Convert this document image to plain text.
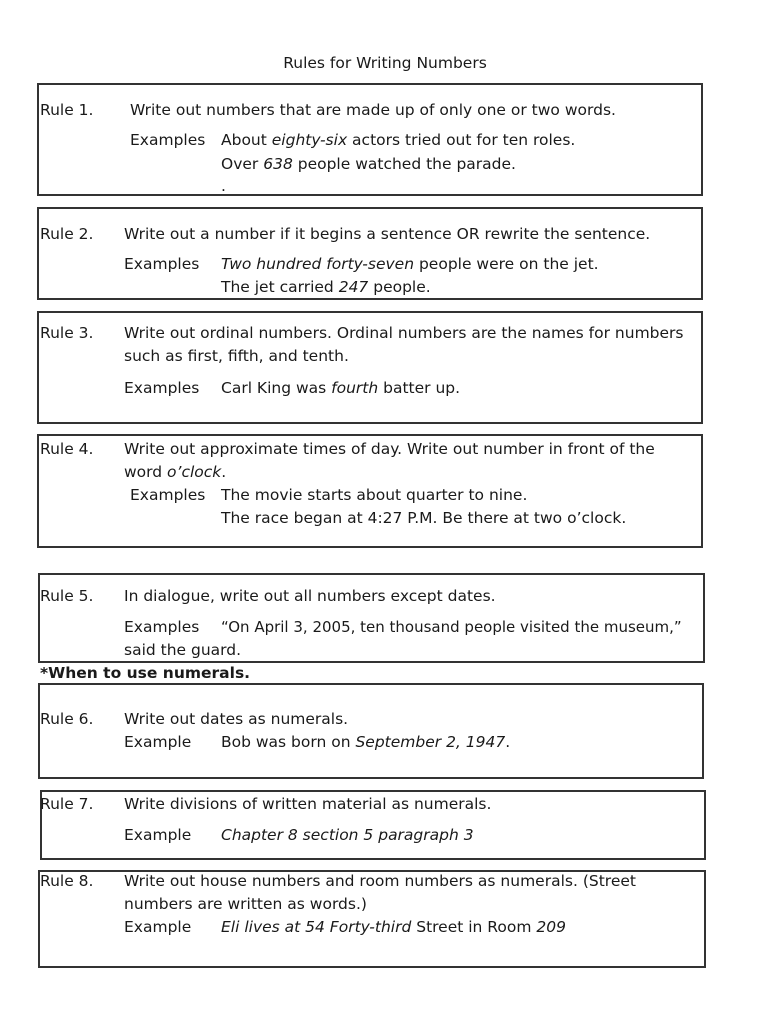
Rules for Writing Numbers
Rule 1. Write out numbers that are made up of only one or two words.
Examples About eighty-six actors tried out for ten roles.
Over 638 people watched the parade.
.
Rule 2. Write out a number if it begins a sentence OR rewrite the sentence.
Examples Two hundred forty-seven people were on the jet.
The jet carried 247 people.
Rule 3. Write out ordinal numbers. Ordinal numbers are the names for numbers
such as first, fifth, and tenth.
Examples Carl King was fourth batter up.
Rule 4. Write out approximate times of day. Write out number in front of the
word o’clock.
Examples The movie starts about quarter to nine.
The race began at 4:27 P.M. Be there at two o’clock.
Rule 5. In dialogue, write out all numbers except dates.
Examples “On April 3, 2005, ten thousand people visited the museum,”
said the guard.
*When to use numerals.
Rule 6. Write out dates as numerals.
Example Bob was born on September 2, 1947.
Rule 7. Write divisions of written material as numerals.
Example Chapter 8 section 5 paragraph 3
Rule 8. Write out house numbers and room numbers as numerals. (Street
numbers are written as words.)
Example Eli lives at 54 Forty-third Street in Room 209
